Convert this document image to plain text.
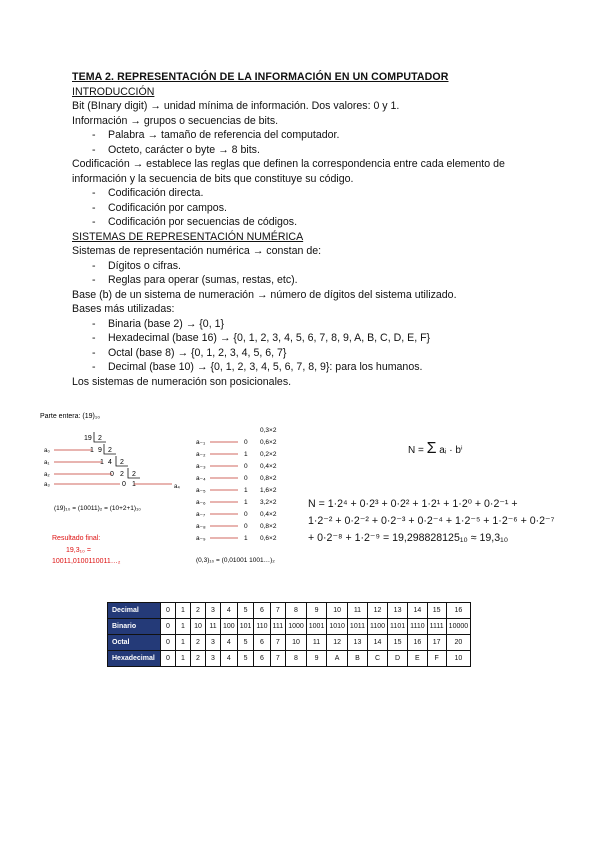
TEMA 2. REPRESENTACIÓN DE LA INFORMACIÓN EN UN COMPUTADOR
INTRODUCCIÓN
Bit (BInary digit) → unidad mínima de información. Dos valores: 0 y 1.
Información → grupos o secuencias de bits.
- Palabra → tamaño de referencia del computador.
- Octeto, carácter o byte → 8 bits.
Codificación → establece las reglas que definen la correspondencia entre cada elemento de información y la secuencia de bits que constituye su código.
- Codificación directa.
- Codificación por campos.
- Codificación por secuencias de códigos.
SISTEMAS DE REPRESENTACIÓN NUMÉRICA
Sistemas de representación numérica → constan de:
- Dígitos o cifras.
- Reglas para operar (sumas, restas, etc).
Base (b) de un sistema de numeración → número de dígitos del sistema utilizado.
Bases más utilizadas:
- Binaria (base 2) → {0, 1}
- Hexadecimal (base 16) → {0, 1, 2, 3, 4, 5, 6, 7, 8, 9, A, B, C, D, E, F}
- Octal (base 8) → {0, 1, 2, 3, 4, 5, 6, 7}
- Decimal (base 10) → {0, 1, 2, 3, 4, 5, 6, 7, 8, 9}: para los humanos.
Los sistemas de numeración son posicionales.
Parte entera: (19)₁₀
19 2
1 9 2
1 4 2
0 2 2
0 1
a₀
a₁
a₂
a₃	a₄
(19)₁₀ = (10011)₂ = (10+2+1)₁₀
Resultado final:
19,3₁₀ =
10011,0100110011…₂
0,3×2
a₋₁	0 0,6×2
a₋₂	1 0,2×2
a₋₃	0 0,4×2
a₋₄	0 0,8×2
a₋₅	1 1,6×2
a₋₆	1 3,2×2
a₋₇	0 0,4×2
a₋₈	0 0,8×2
a₋₉	1 0,6×2
(0,3)₁₀ = (0,01001 1001…)₂
N = Σ aᵢ · bⁱ
N = 1·2⁴ + 0·2³ + 0·2² + 1·2¹ + 1·2⁰ + 0·2⁻¹ +
1·2⁻² + 0·2⁻² + 0·2⁻³ + 0·2⁻⁴ + 1·2⁻⁵ + 1·2⁻⁶ + 0·2⁻⁷
+ 0·2⁻⁸ + 1·2⁻⁹ = 19,298828125₁₀ ≈ 19,3₁₀
Decimal	0	1	2	3	4	5	6	7	8	9	10	11	12	13	14	15	16
Binario	0	1	10	11	100	101	110	111	1000	1001	1010	1011	1100	1101	1110	1111	10000
Octal	0	1	2	3	4	5	6	7	10	11	12	13	14	15	16	17	20
Hexadecimal	0	1	2	3	4	5	6	7	8	9	A	B	C	D	E	F	10
